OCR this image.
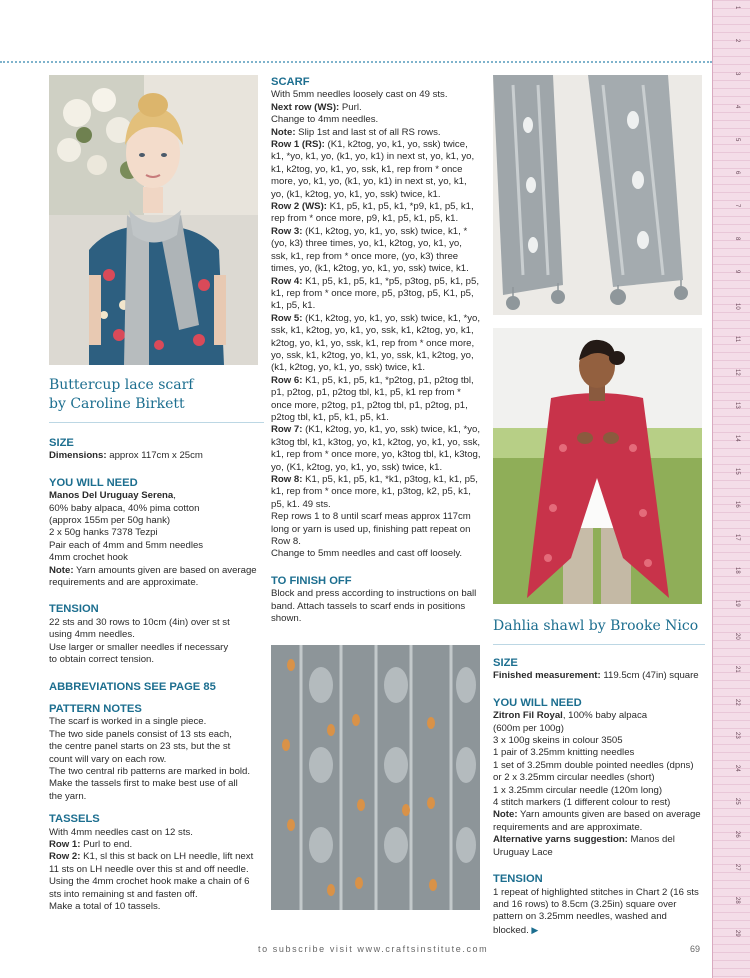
1
2
3
4
5
6
7
8
9
10
11
12
13
14
15
16
17
18
19
20
21
22
23
24
25
26
27
28
29
Buttercup lace scarf
by Caroline Birkett
SIZE

Dimensions: approx 117cm x 25cm

YOU WILL NEED

Manos Del Uruguay Serena,

60% baby alpaca, 40% pima cotton

(approx 155m per 50g hank)

2 x 50g hanks 7378 Tezpi

Pair each of 4mm and 5mm needles

4mm crochet hook

Note: Yarn amounts given are based on average requirements and are approximate.

TENSION

22 sts and 30 rows to 10cm (4in) over st st

using 4mm needles.

Use larger or smaller needles if necessary

to obtain correct tension.

ABBREVIATIONS SEE PAGE 85
PATTERN NOTES

The scarf is worked in a single piece.

The two side panels consist of 13 sts each,

the centre panel starts on 23 sts, but the st

count will vary on each row.

The two central rib patterns are marked in bold.

Make the tassels first to make best use of all

the yarn.

TASSELS

With 4mm needles cast on 12 sts.

Row 1: Purl to end.

Row 2: K1, sl this st back on LH needle, lift next 11 sts on LH needle over this st and off needle. Using the 4mm crochet hook make a chain of 6 sts into remaining st and fasten off.

Make a total of 10 tassels.

SCARF

With 5mm needles loosely cast on 49 sts.

Next row (WS): Purl.

Change to 4mm needles.

Note: Slip 1st and last st of all RS rows.

Row 1 (RS): (K1, k2tog, yo, k1, yo, ssk) twice, k1, *yo, k1, yo, (k1, yo, k1) in next st, yo, k1, yo, k1, k2tog, yo, k1, yo, ssk, k1, rep from * once more, yo, k1, yo, (k1, yo, k1) in next st, yo, k1, yo, (k1, k2tog, yo, k1, yo, ssk) twice, k1.

Row 2 (WS): K1, p5, k1, p5, k1, *p9, k1, p5, k1, rep from * once more, p9, k1, p5, k1, p5, k1.

Row 3: (K1, k2tog, yo, k1, yo, ssk) twice, k1, *(yo, k3) three times, yo, k1, k2tog, yo, k1, yo, ssk, k1, rep from * once more, (yo, k3) three times, yo, (k1, k2tog, yo, k1, yo, ssk) twice, k1.

Row 4: K1, p5, k1, p5, k1, *p5, p3tog, p5, k1, p5, k1, rep from * once more, p5, p3tog, p5, K1, p5, k1, p5, k1.

Row 5: (K1, k2tog, yo, k1, yo, ssk) twice, k1, *yo, ssk, k1, k2tog, yo, k1, yo, ssk, k1, k2tog, yo, k1, k2tog, yo, k1, yo, ssk, k1, rep from * once more, yo, ssk, k1, k2tog, yo, k1, yo, ssk, k1, k2tog, yo, (k1, k2tog, yo, k1, yo, ssk) twice, k1.

Row 6: K1, p5, k1, p5, k1, *p2tog, p1, p2tog tbl, p1, p2tog, p1, p2tog tbl, k1, p5, k1 rep from * once more, p2tog, p1, p2tog tbl, p1, p2tog, p1, p2tog tbl, k1, p5, k1, p5, k1.

Row 7: (K1, k2tog, yo, k1, yo, ssk) twice, k1, *yo, k3tog tbl, k1, k3tog, yo, k1, k2tog, yo, k1, yo, ssk, k1, rep from * once more, yo, k3tog tbl, k1, k3tog, yo, (K1, k2tog, yo, k1, yo, ssk) twice, k1.

Row 8: K1, p5, k1, p5, k1, *k1, p3tog, k1, k1, p5, k1, rep from * once more, k1, p3tog, k2, p5, k1, p5, k1. 49 sts.

Rep rows 1 to 8 until scarf meas approx 117cm long or yarn is used up, finishing patt repeat on Row 8.

Change to 5mm needles and cast off loosely.

TO FINISH OFF

Block and press according to instructions on ball band. Attach tassels to scarf ends in positions shown.	Dahlia shawl by Brooke Nico
SIZE

Finished measurement: 119.5cm (47in) square

YOU WILL NEED

Zitron Fil Royal, 100% baby alpaca

(600m per 100g)

3 x 100g skeins in colour 3505

1 pair of 3.25mm knitting needles

1 set of 3.25mm double pointed needles (dpns)

or 2 x 3.25mm circular needles (short)

1 x 3.25mm circular needle (120m long)

4 stitch markers (1 different colour to rest)

Note: Yarn amounts given are based on average requirements and are approximate.

Alternative yarns suggestion: Manos del Uruguay Lace

TENSION

1 repeat of highlighted stitches in Chart 2 (16 sts and 16 rows) to 8.5cm (3.25in) square over pattern on 3.25mm needles, washed and blocked. ▶

to subscribe visit www.craftsinstitute.com	69
